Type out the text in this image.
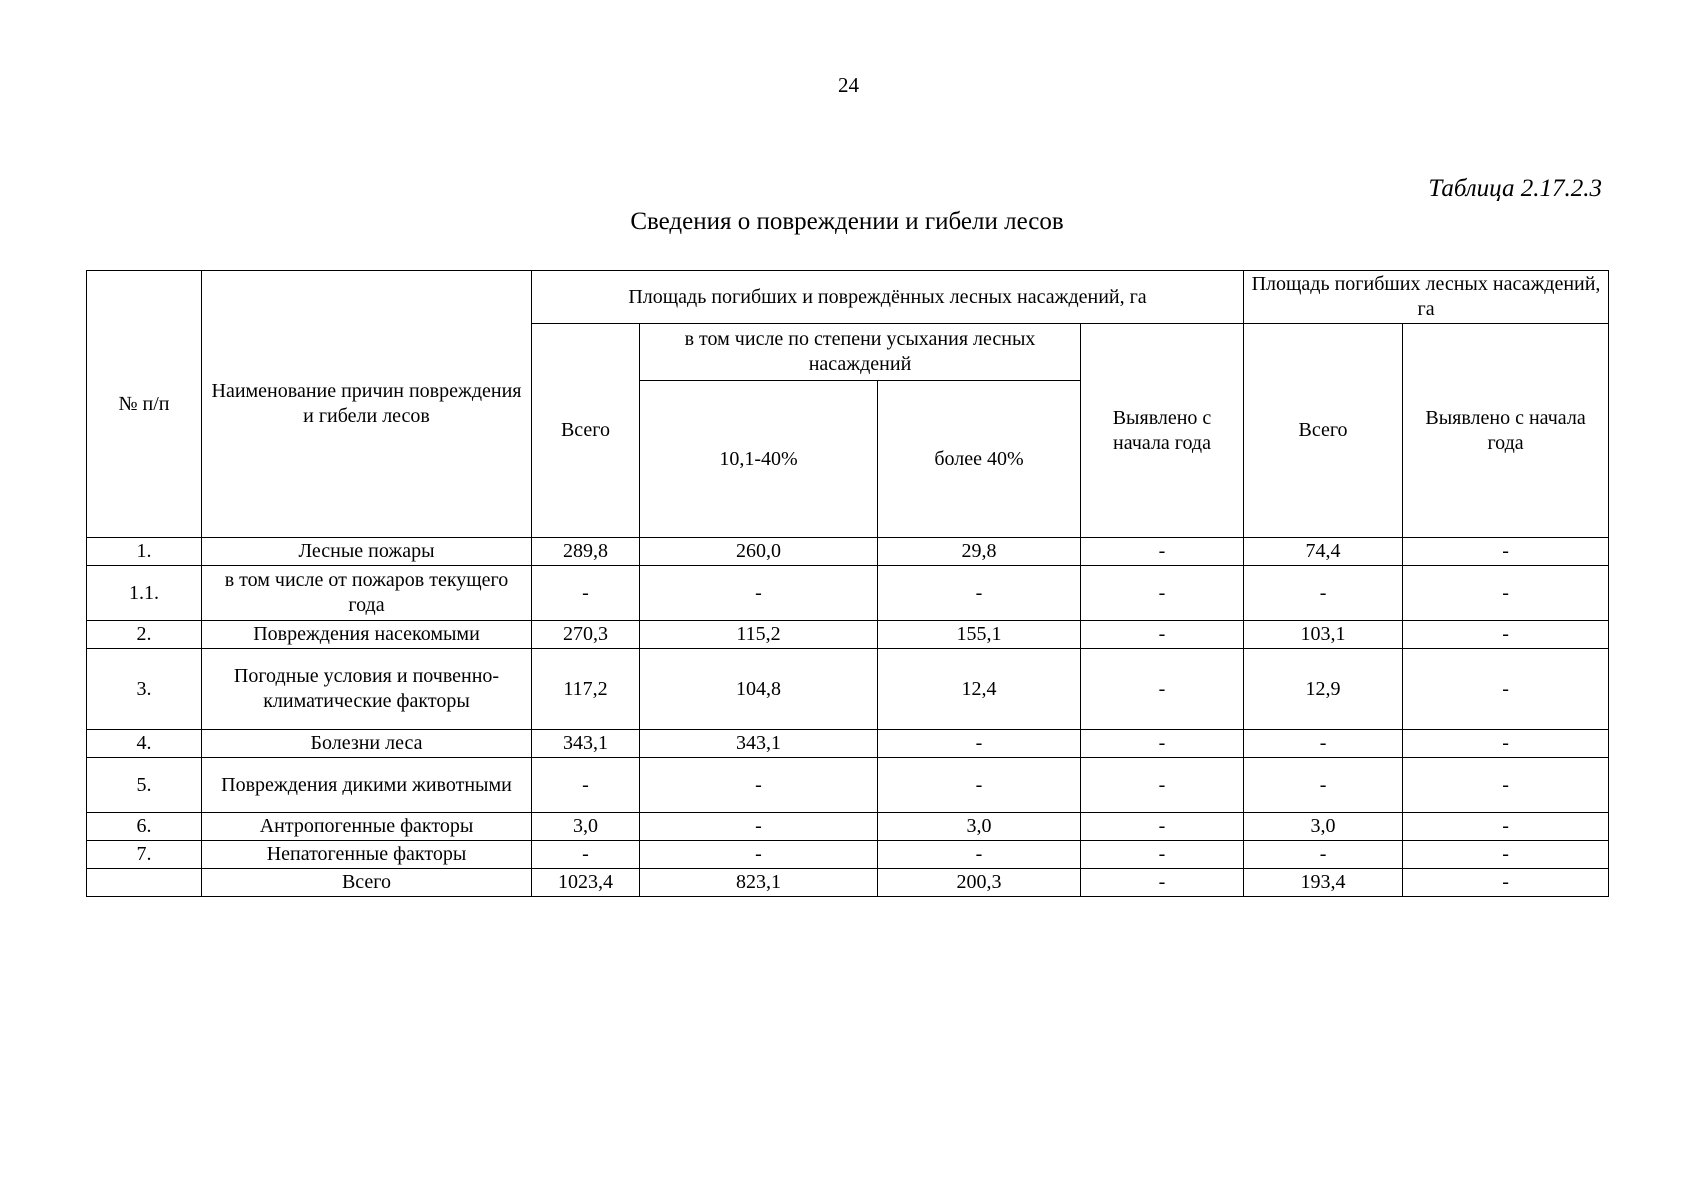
24
Таблица 2.17.2.3
Сведения о повреждении и гибели лесов
№ п/п	Наименование причин повреждения и гибели лесов	Площадь погибших и повреждённых лесных насаждений, га				Площадь погибших лесных насаждений, га	
		Всего	в том числе по степени усыхания лесных насаждений		Выявлено с начала года	Всего	Выявлено с начала года
			10,1-40%	более 40%			
1.	Лесные пожары	289,8	260,0	29,8	-	74,4	-
1.1.	в том числе от пожаров текущего года	-	-	-	-	-	-
2.	Повреждения насекомыми	270,3	115,2	155,1	-	103,1	-
3.	Погодные условия и почвенно-климатические факторы	117,2	104,8	12,4	-	12,9	-
4.	Болезни леса	343,1	343,1	-	-	-	-
5.	Повреждения дикими животными	-	-	-	-	-	-
6.	Антропогенные факторы	3,0	-	3,0	-	3,0	-
7.	Непатогенные факторы	-	-	-	-	-	-
	Всего	1023,4	823,1	200,3	-	193,4	-
